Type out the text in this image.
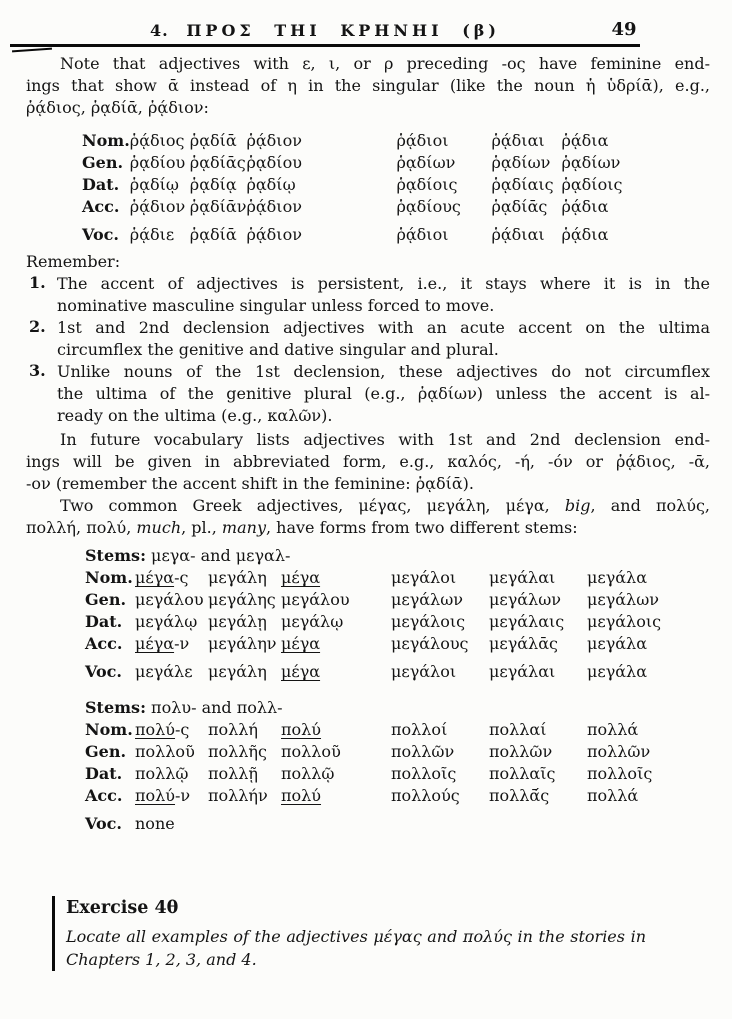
4. ΠΡΟΣ ΤΗΙ ΚΡΗΝΗΙ (β)	49
Note that adjectives with ε, ι, or ρ preceding -ος have feminine end-
ings that show ᾱ instead of η in the singular (like the noun ἡ ὑδρίᾱ), e.g.,
ῥᾴδιος, ῥᾳδίᾱ, ῥᾴδιον:
Nom.	ῥᾴδιος	ῥᾳδίᾱ	ῥᾴδιον	ῥᾴδιοι	ῥᾴδιαι	ῥᾴδια
Gen.	ῥᾳδίου	ῥᾳδίᾱς	ῥᾳδίου	ῥᾳδίων	ῥᾳδίων	ῥᾳδίων
Dat.	ῥᾳδίῳ	ῥᾳδίᾳ	ῥᾳδίῳ	ῥᾳδίοις	ῥᾳδίαις	ῥᾳδίοις
Acc.	ῥᾴδιον	ῥᾳδίᾱν	ῥᾴδιον	ῥᾳδίους	ῥᾳδίᾱς	ῥᾴδια
Voc.	ῥᾴδιε	ῥᾳδίᾱ	ῥᾴδιον	ῥᾴδιοι	ῥᾴδιαι	ῥᾴδια
Remember:
1. The accent of adjectives is persistent, i.e., it stays where it is in the
nominative masculine singular unless forced to move.
2. 1st and 2nd declension adjectives with an acute accent on the ultima
circumflex the genitive and dative singular and plural.
3. Unlike nouns of the 1st declension, these adjectives do not circumflex
the ultima of the genitive plural (e.g., ῥᾳδίων) unless the accent is al-
ready on the ultima (e.g., καλῶν).
In future vocabulary lists adjectives with 1st and 2nd declension end-
ings will be given in abbreviated form, e.g., καλός, -ή, -όν or ῥᾴδιος, -ᾱ,
-ον (remember the accent shift in the feminine: ῥᾳδίᾱ).
Two common Greek adjectives, μέγας, μεγάλη, μέγα, big, and πολύς,
πολλή, πολύ, much, pl., many, have forms from two different stems:
Stems: μεγα- and μεγαλ-
Nom.	μέγα-ς	μεγάλη	μέγα	μεγάλοι	μεγάλαι	μεγάλα
Gen.	μεγάλου	μεγάλης	μεγάλου	μεγάλων	μεγάλων	μεγάλων
Dat.	μεγάλῳ	μεγάλῃ	μεγάλῳ	μεγάλοις	μεγάλαις	μεγάλοις
Acc.	μέγα-ν	μεγάλην	μέγα	μεγάλους	μεγάλᾱς	μεγάλα
Voc.	μεγάλε	μεγάλη	μέγα	μεγάλοι	μεγάλαι	μεγάλα
Stems: πολυ- and πολλ-
Nom.	πολύ-ς	πολλή	πολύ	πολλοί	πολλαί	πολλά
Gen.	πολλοῦ	πολλῆς	πολλοῦ	πολλῶν	πολλῶν	πολλῶν
Dat.	πολλῷ	πολλῇ	πολλῷ	πολλοῖς	πολλαῖς	πολλοῖς
Acc.	πολύ-ν	πολλήν	πολύ	πολλούς	πολλᾱ́ς	πολλά
Voc.	none					
Exercise 4θ
Locate all examples of the adjectives μέγας and πολύς in the stories in
Chapters 1, 2, 3, and 4.
